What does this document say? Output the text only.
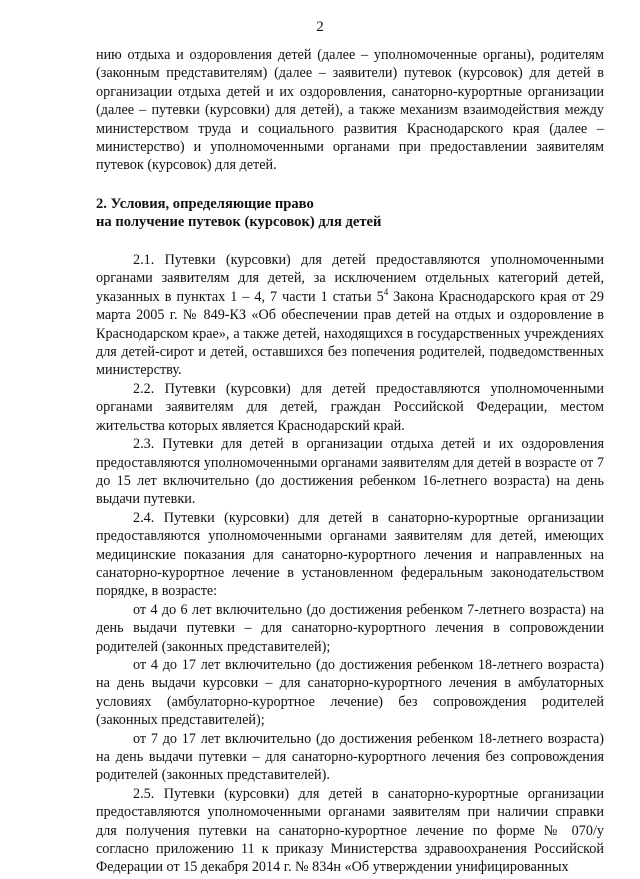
2

нию отдыха и оздоровления детей (далее – уполномоченные органы), родителям (законным представителям) (далее – заявители) путевок (курсовок) для детей в организации отдыха детей и их оздоровления, санаторно-курортные организации (далее – путевки (курсовки) для детей), а также механизм взаимодействия между министерством труда и социального развития Краснодарского края (далее – министерство) и уполномоченными органами при предоставлении заявителям путевок (курсовок) для детей.

2. Условия, определяющие право

на получение путевок (курсовок) для детей

2.1. Путевки (курсовки) для детей предоставляются уполномоченными органами заявителям для детей, за исключением отдельных категорий детей, указанных в пунктах 1 – 4, 7 части 1 статьи $5^4$ Закона Краснодарского края от 29 марта 2005 г. № 849-КЗ «Об обеспечении прав детей на отдых и оздоровление в Краснодарском крае», а также детей, находящихся в государственных учреждениях для детей-сирот и детей, оставшихся без попечения родителей, подведомственных министерству.

2.2. Путевки (курсовки) для детей предоставляются уполномоченными органами заявителям для детей, граждан Российской Федерации, местом жительства которых является Краснодарский край.

2.3. Путевки для детей в организации отдыха детей и их оздоровления предоставляются уполномоченными органами заявителям для детей в возрасте от 7 до 15 лет включительно (до достижения ребенком 16-летнего возраста) на день выдачи путевки.

2.4. Путевки (курсовки) для детей в санаторно-курортные организации предоставляются уполномоченными органами заявителям для детей, имеющих медицинские показания для санаторно-курортного лечения и направленных на санаторно-курортное лечение в установленном федеральным законодательством порядке, в возрасте:

от 4 до 6 лет включительно (до достижения ребенком 7-летнего возраста) на день выдачи путевки – для санаторно-курортного лечения в сопровождении родителей (законных представителей);

от 4 до 17 лет включительно (до достижения ребенком 18-летнего возраста) на день выдачи курсовки – для санаторно-курортного лечения в амбулаторных условиях (амбулаторно-курортное лечение) без сопровождения родителей (законных представителей);

от 7 до 17 лет включительно (до достижения ребенком 18-летнего возраста) на день выдачи путевки – для санаторно-курортного лечения без сопровождения родителей (законных представителей).

2.5. Путевки (курсовки) для детей в санаторно-курортные организации предоставляются уполномоченными органами заявителям при наличии справки для получения путевки на санаторно-курортное лечение по форме № 070/у согласно приложению 11 к приказу Министерства здравоохранения Российской Федерации от 15 декабря 2014 г. № 834н «Об утверждении унифицированных
